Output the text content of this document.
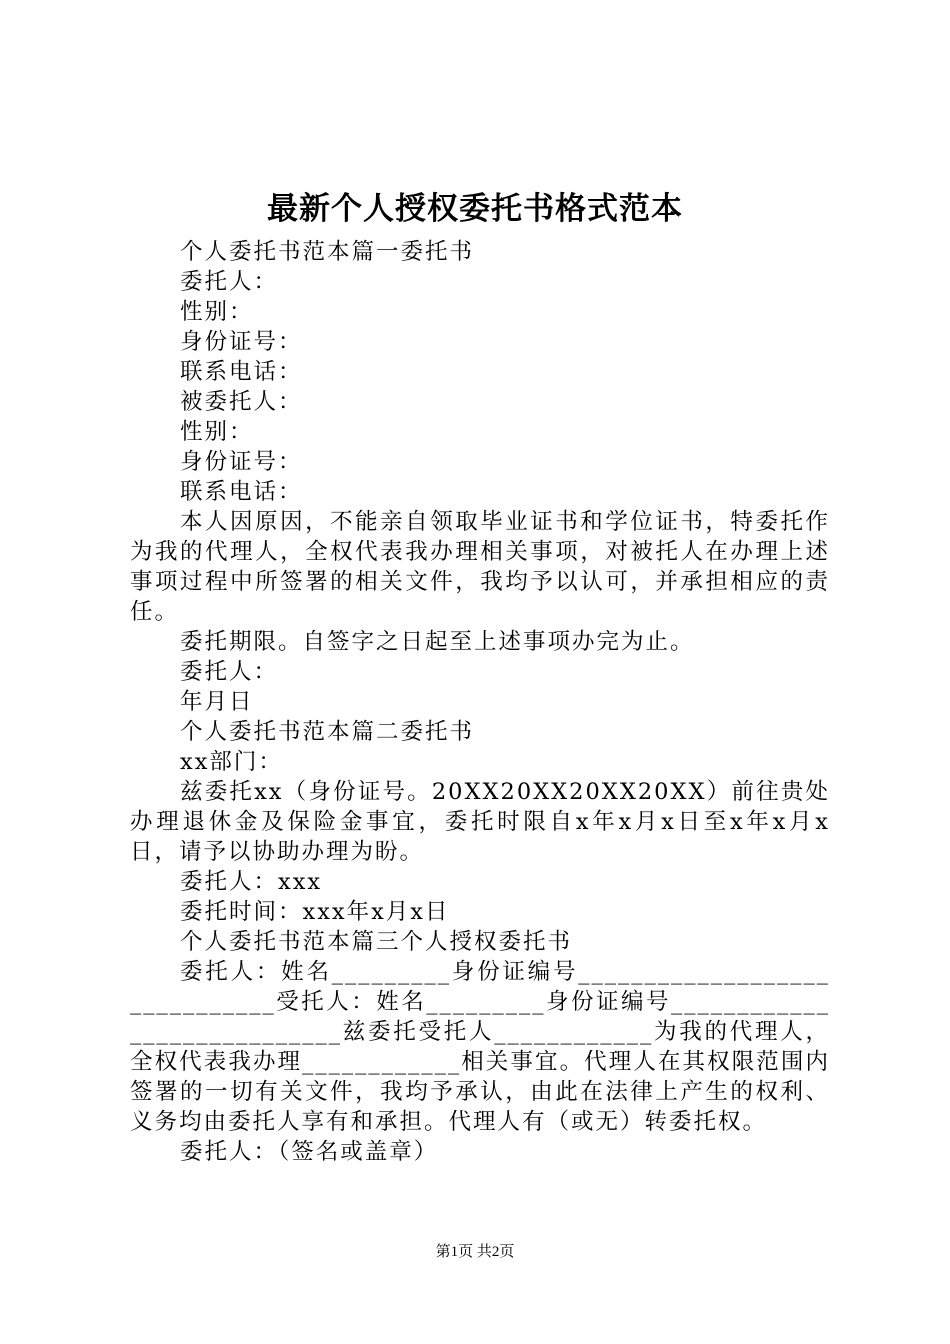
最新个人授权委托书格式范本

个人委托书范本篇一委托书

委托人：

性别：

身份证号：

联系电话：

被委托人：

性别：

身份证号：

联系电话：

本人因原因，不能亲自领取毕业证书和学位证书，特委托作为我的代理人，全权代表我办理相关事项，对被托人在办理上述事项过程中所签署的相关文件，我均予以认可，并承担相应的责任。

委托期限。自签字之日起至上述事项办完为止。

委托人：

年月日

个人委托书范本篇二委托书

xx部门：

兹委托xx（身份证号。20XX20XX20XX20XX）前往贵处办理退休金及保险金事宜，委托时限自x年x月x日至x年x月x日，请予以协助办理为盼。

委托人：xxx

委托时间：xxx年x月x日

个人委托书范本篇三个人授权委托书

委托人：姓名_________身份证编号______________________________受托人：姓名_________身份证编号____________________________兹委托受托人____________为我的代理人，全权代表我办理____________相关事宜。代理人在其权限范围内签署的一切有关文件，我均予承认，由此在法律上产生的权利、义务均由委托人享有和承担。代理人有（或无）转委托权。

委托人：（签名或盖章）

第1页 共2页
